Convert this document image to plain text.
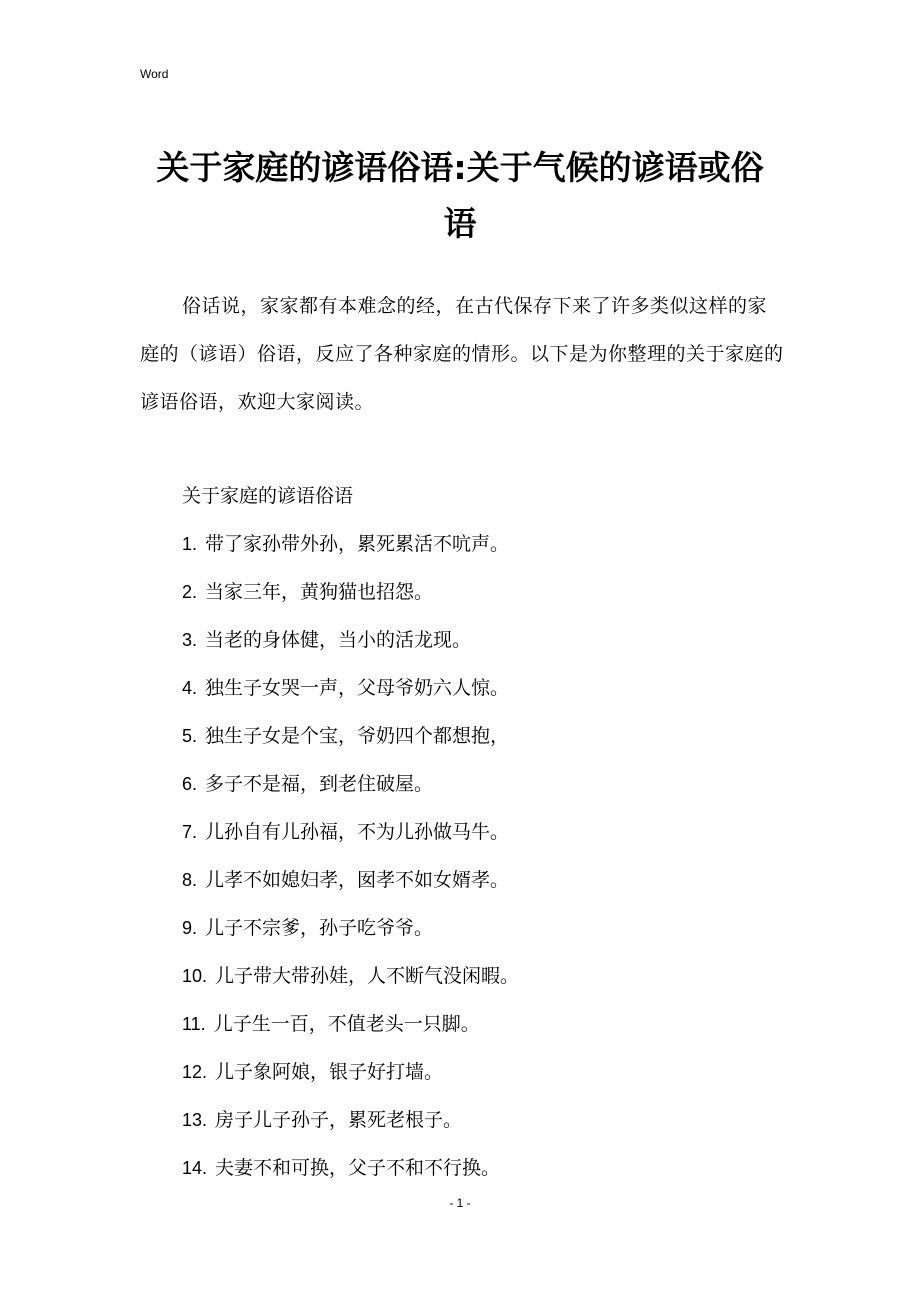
Word
关于家庭的谚语俗语:关于气候的谚语或俗语

俗话说，家家都有本难念的经，在古代保存下来了许多类似这样的家庭的（谚语）俗语，反应了各种家庭的情形。以下是为你整理的关于家庭的谚语俗语，欢迎大家阅读。

关于家庭的谚语俗语

1. 带了家孙带外孙，累死累活不吭声。
2. 当家三年，黄狗猫也招怨。
3. 当老的身体健，当小的活龙现。
4. 独生子女哭一声，父母爷奶六人惊。
5. 独生子女是个宝，爷奶四个都想抱，
6. 多子不是福，到老住破屋。
7. 儿孙自有儿孙福，不为儿孙做马牛。
8. 儿孝不如媳妇孝，囡孝不如女婿孝。
9. 儿子不宗爹，孙子吃爷爷。
10. 儿子带大带孙娃，人不断气没闲暇。
11. 儿子生一百，不值老头一只脚。
12. 儿子象阿娘，银子好打墙。
13. 房子儿子孙子，累死老根子。
14. 夫妻不和可换，父子不和不行换。
- 1 -
